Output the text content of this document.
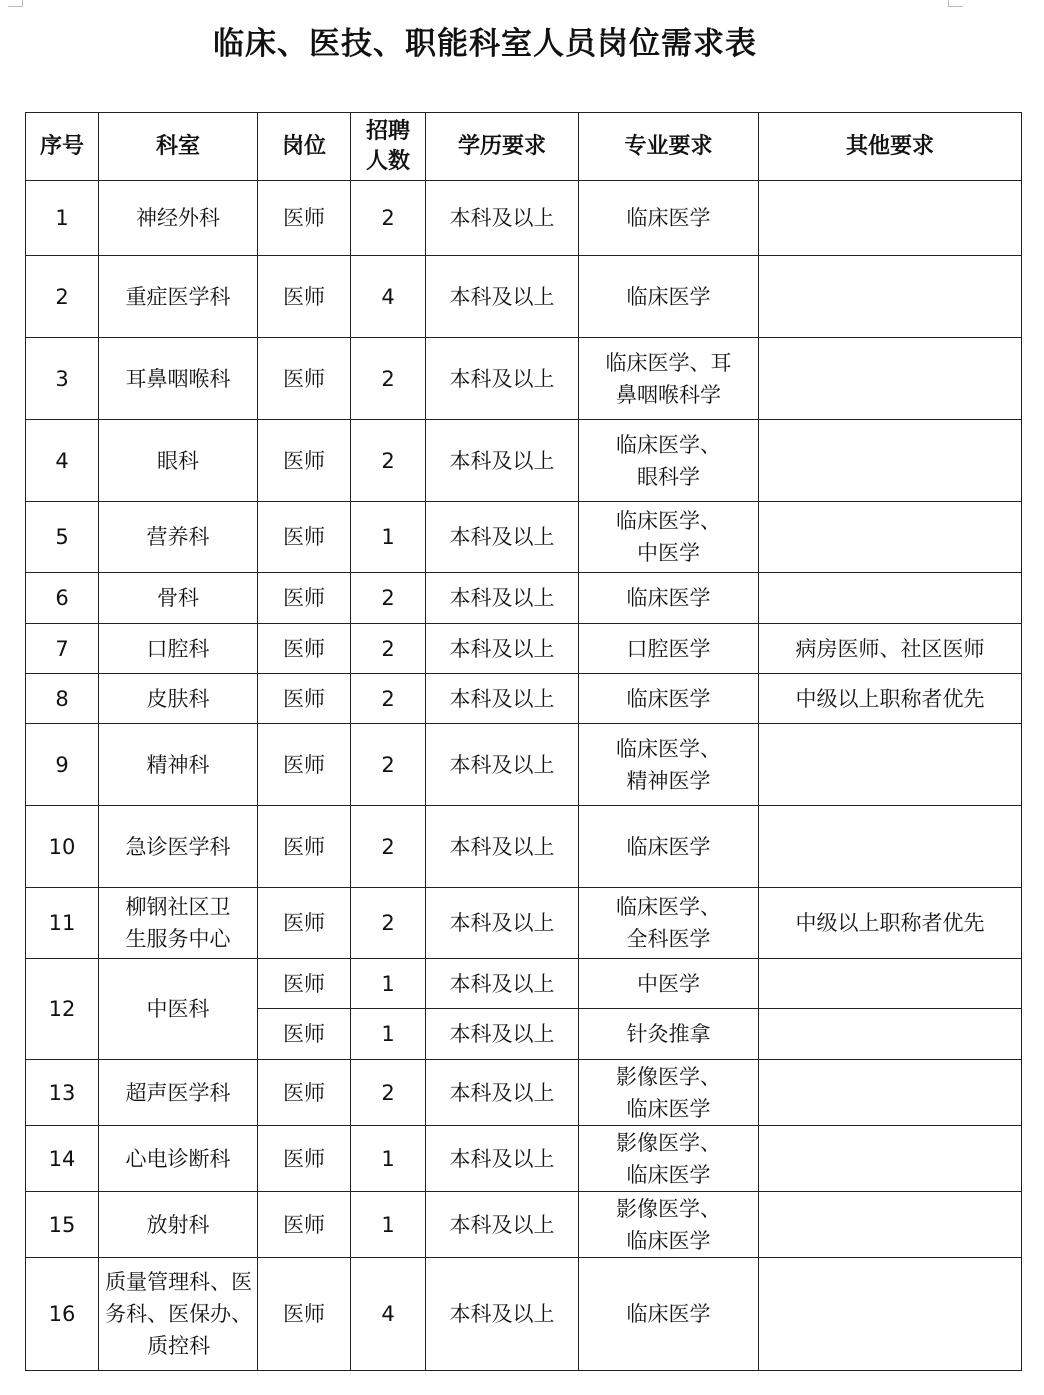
临床、医技、职能科室人员岗位需求表
序号	科室	岗位	招聘人数	学历要求	专业要求	其他要求
1	神经外科	医师	2	本科及以上	临床医学	
2	重症医学科	医师	4	本科及以上	临床医学	
3	耳鼻咽喉科	医师	2	本科及以上	临床医学、耳鼻咽喉科学	
4	眼科	医师	2	本科及以上	临床医学、眼科学	
5	营养科	医师	1	本科及以上	临床医学、中医学	
6	骨科	医师	2	本科及以上	临床医学	
7	口腔科	医师	2	本科及以上	口腔医学	病房医师、社区医师
8	皮肤科	医师	2	本科及以上	临床医学	中级以上职称者优先
9	精神科	医师	2	本科及以上	临床医学、精神医学	
10	急诊医学科	医师	2	本科及以上	临床医学	
11	柳钢社区卫生服务中心	医师	2	本科及以上	临床医学、全科医学	中级以上职称者优先
12	中医科	医师	1	本科及以上	中医学	
		医师	1	本科及以上	针灸推拿	
13	超声医学科	医师	2	本科及以上	影像医学、临床医学	
14	心电诊断科	医师	1	本科及以上	影像医学、临床医学	
15	放射科	医师	1	本科及以上	影像医学、临床医学	
16	质量管理科、医务科、医保办、质控科	医师	4	本科及以上	临床医学	
